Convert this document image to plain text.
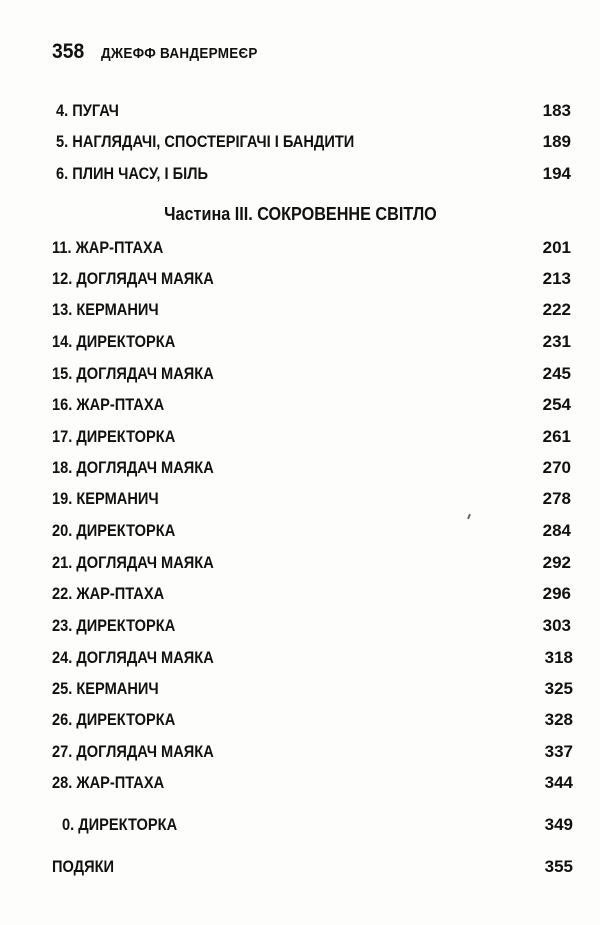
358 ДЖЕФФ ВАНДЕРМЕЄР
4. ПУГАЧ	183
5. НАГЛЯДАЧІ, СПОСТЕРІГАЧІ І БАНДИТИ	189
6. ПЛИН ЧАСУ, І БІЛЬ	194
Частина ІІІ. СОКРОВЕННЕ СВІТЛО
11. ЖАР-ПТАХА	201
12. ДОГЛЯДАЧ МАЯКА	213
13. КЕРМАНИЧ	222
14. ДИРЕКТОРКА	231
15. ДОГЛЯДАЧ МАЯКА	245
16. ЖАР-ПТАХА	254
17. ДИРЕКТОРКА	261
18. ДОГЛЯДАЧ МАЯКА	270
19. КЕРМАНИЧ	278
20. ДИРЕКТОРКА	284
21. ДОГЛЯДАЧ МАЯКА	292
22. ЖАР-ПТАХА	296
23. ДИРЕКТОРКА	303
24. ДОГЛЯДАЧ МАЯКА	318
25. КЕРМАНИЧ	325
26. ДИРЕКТОРКА	328
27. ДОГЛЯДАЧ МАЯКА	337
28. ЖАР-ПТАХА	344
0. ДИРЕКТОРКА	349
ПОДЯКИ	355
